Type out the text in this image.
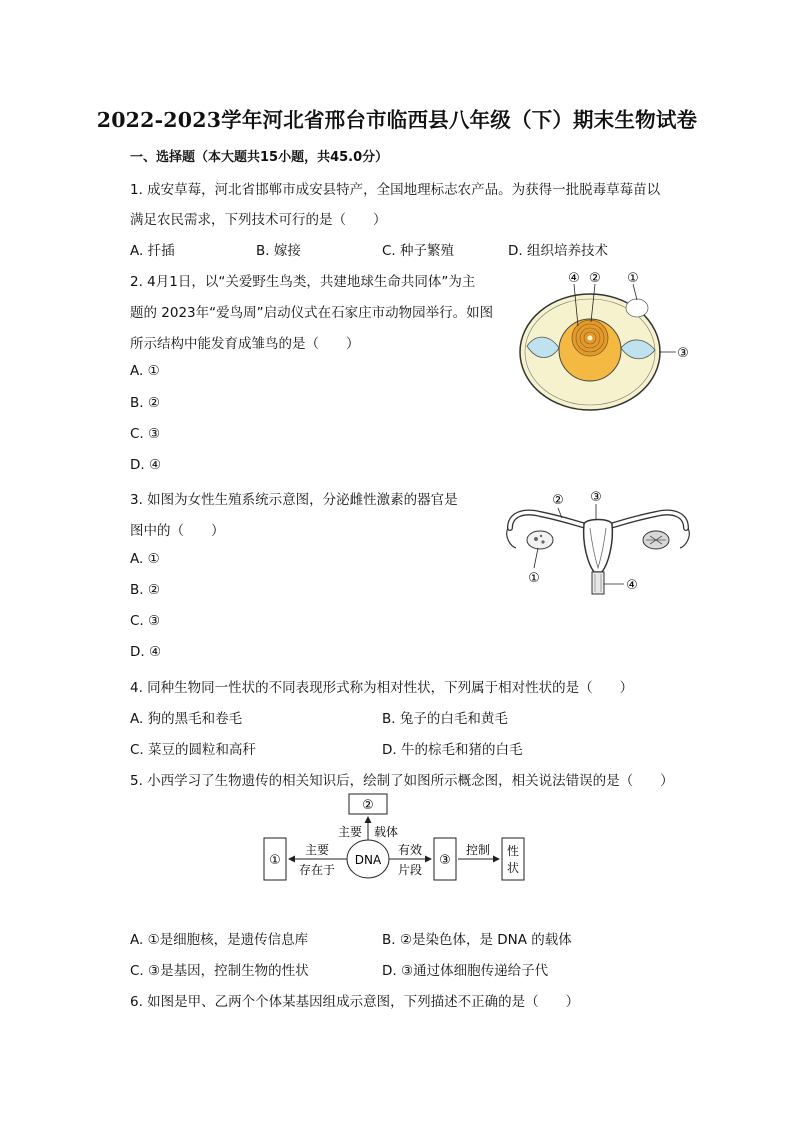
2022-2023学年河北省邢台市临西县八年级（下）期末生物试卷
一、选择题（本大题共15小题，共45.0分）
1. 成安草莓，河北省邯郸市成安县特产，全国地理标志农产品。为获得一批脱毒草莓苗以
满足农民需求，下列技术可行的是（　　）
A. 扦插	B. 嫁接	C. 种子繁殖	D. 组织培养技术
2. 4月1日，以“关爱野生鸟类，共建地球生命共同体”为主
题的 2023年“爱鸟周”启动仪式在石家庄市动物园举行。如图
所示结构中能发育成雏鸟的是（　　）
A. ①
B. ②
C. ③
D. ④
④ ② ①
③
3. 如图为女性生殖系统示意图，分泌雌性激素的器官是
图中的（　　）
A. ①
B. ②
C. ③
D. ④
② ③
①	④
4. 同种生物同一性状的不同表现形式称为相对性状，下列属于相对性状的是（　　）
A. 狗的黑毛和卷毛	B. 兔子的白毛和黄毛
C. 菜豆的圆粒和高秆	D. 牛的棕毛和猪的白毛
5. 小西学习了生物遗传的相关知识后，绘制了如图所示概念图，相关说法错误的是（　　）
②
DNA
主要 载体
①
主要
存在于
有效
片段
③
控制 性
状
A. ①是细胞核，是遗传信息库	B. ②是染色体，是 DNA 的载体
C. ③是基因，控制生物的性状	D. ③通过体细胞传递给子代
6. 如图是甲、乙两个个体某基因组成示意图，下列描述不正确的是（　　）
